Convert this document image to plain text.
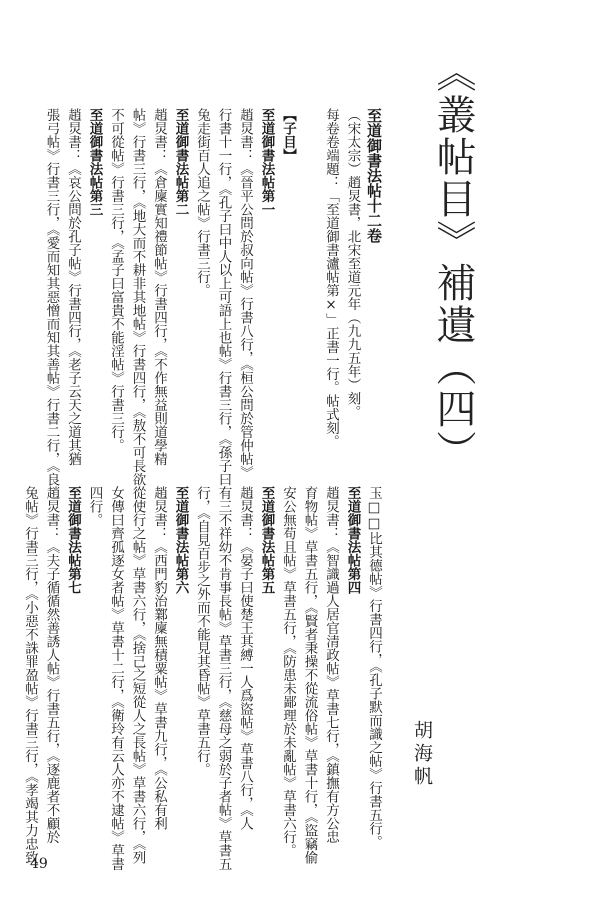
《叢帖目》補遺（四）
胡海帆
至道御書法帖十二卷
（宋太宗）趙炅書，北宋至道元年（九九五年）刻。
每卷卷端題：「至道御書瀘帖第×」正書一行。帖式刻。
【子目】
至道御書法帖第一
趙炅書：《晉平公問於叔向帖》行書八行，《桓公問於管仲帖》
行書十一行，《孔子曰中人以上可語上也帖》行書三行，《孫子曰
兔走街百人追之帖》行書三行。
至道御書法帖第二
趙炅書：《倉廩實知禮節帖》行書四行，《不作無益則道學精
帖》行書三行，《地大而不耕非其地帖》行書四行，《敖不可長欲
不可從帖》行書三行，《孟子曰富貴不能淫帖》行書三行。
至道御書法帖第三
趙炅書：《哀公問於孔子帖》行書四行，《老子云天之道其猶
張弓帖》行書三行，《愛而知其惡憎而知其善帖》行書二行，《良
玉□□比其德帖》行書四行，《孔子默而識之帖》行書五行。
至道御書法帖第四
趙炅書：《智識過人居官清政帖》草書七行，《鎮撫有方公忠
育物帖》草書五行，《賢者秉操不從流俗帖》草書十行，《盜竊偷
安公無苟且帖》草書五行，《防患未鄙理於未亂帖》草書六行。
至道御書法帖第五
趙炅書：《晏子曰使楚王其縛一人爲盜帖》草書八行，《人
有三不祥幼不肯事長帖》草書三行，《慈母之弱於子者帖》草書五
行，《自見百步之外而不能見其昏帖》草書五行。
至道御書法帖第六
趙炅書：《西門豹治鄴廩無積粟帖》草書九行，《公私有利
從使行之帖》草書六行，《捨己之短從人之長帖》草書六行，《列
女傳曰齊孤逐女者帖》草書十二行，《衛玲有云人亦不逮帖》草書
四行。
至道御書法帖第七
趙炅書：《夫子循循然善誘人帖》行書五行，《逐鹿者不顧於
兔帖》行書三行，《小惡不誅罪盈帖》行書三行，《孝竭其力忠致
49
